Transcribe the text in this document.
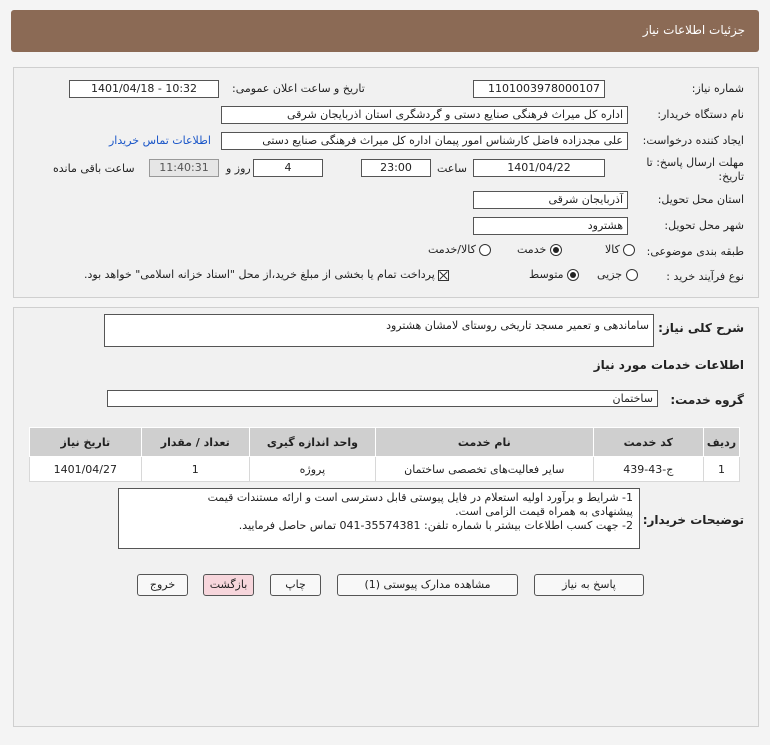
جزئیات اطلاعات نیاز
شماره نیاز:
1101003978000107
تاریخ و ساعت اعلان عمومی:
1401/04/18 - 10:32
نام دستگاه خریدار:
اداره کل میراث فرهنگی صنایع دستی و گردشگری استان اذربایجان شرقی
ایجاد کننده درخواست:
علی مجدزاده فاضل کارشناس امور پیمان اداره کل میراث فرهنگی صنایع دستی
اطلاعات تماس خریدار
مهلت ارسال پاسخ: تا
تاریخ:
1401/04/22
ساعت
23:00
4
روز و
11:40:31
ساعت باقی مانده
استان محل تحویل:
آذربایجان شرقی
شهر محل تحویل:
هشترود
طبقه بندی موضوعی:
کالا
خدمت
کالا/خدمت
نوع فرآیند خرید :
جزیی
متوسط
پرداخت تمام یا بخشی از مبلغ خرید،از محل "اسناد خزانه اسلامی" خواهد بود.
شرح کلی نیاز:
ساماندهی و تعمیر مسجد تاریخی روستای لامشان هشترود
اطلاعات خدمات مورد نیاز
گروه خدمت:
ساختمان
ردیف	کد خدمت	نام خدمت	واحد اندازه گیری	تعداد / مقدار	تاریخ نیاز
1	ج-43-439	سایر فعالیت‌های تخصصی ساختمان	پروژه	1	1401/04/27
توضیحات خریدار:
1- شرایط و برآورد اولیه استعلام در فایل پیوستی قابل دسترسی است و ارائه مستندات قیمت
پیشنهادی به همراه قیمت الزامی است.
2- جهت کسب اطلاعات بیشتر با شماره تلفن: 35574381-041 تماس حاصل فرمایید.
پاسخ به نیاز
مشاهده مدارک پیوستی (1)
چاپ
بازگشت
خروج
